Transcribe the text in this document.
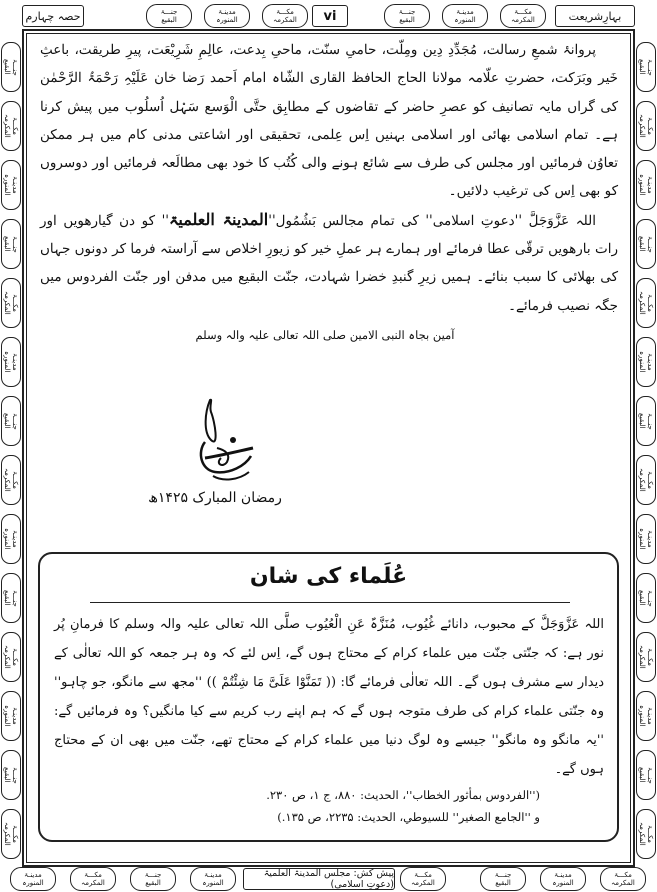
بہارِشریعت
حصہ چہارم	vi
مکـــۃ
المکرمہ
مدینـۃ
المنورہ
جنـــۃ
البقیع
مکـــۃ
المکرمہ
مدینـۃ
المنورہ
جنـــۃ
البقیع
جنـــۃ
البقیع
مکـــۃ
المکرمہ
مدینـۃ
المنورہ
جنـــۃ
البقیع
مکـــۃ
المکرمہ
مدینـۃ
المنورہ
جنـــۃ
البقیع
مکـــۃ
المکرمہ
مدینـۃ
المنورہ
جنـــۃ
البقیع
مکـــۃ
المکرمہ
مدینـۃ
المنورہ
جنـــۃ
البقیع
مکـــۃ
المکرمہ
جنـــۃ
البقیع
مکـــۃ
المکرمہ
مدینـۃ
المنورہ
جنـــۃ
البقیع
مکـــۃ
المکرمہ
مدینـۃ
المنورہ
جنـــۃ
البقیع
مکـــۃ
المکرمہ
مدینـۃ
المنورہ
جنـــۃ
البقیع
مکـــۃ
المکرمہ
مدینـۃ
المنورہ
جنـــۃ
البقیع
مکـــۃ
المکرمہ

پروانۂ شمعِ رسالت، مُجَدِّدِ دِین ومِلّت، حامیِ سنّت، ماحیِ بِدعت، عالِمِ شَرِیْعَت، پیرِ طریقت، باعثِ خَیر وبَرَکت، حضرتِ علّامہ مولانا الحاج الحافظ القاری الشّاہ امام اَحمد رَضا خان عَلَیْہِ رَحْمَۃُ الرَّحْمٰن کی گراں مایہ تصانیف کو عصرِ حاضر کے تقاضوں کے مطابِق حتَّی الْوَسع سَہْل اُسلُوب میں پیش کرنا ہے۔ تمام اسلامی بھائی اور اسلامی بہنیں اِس عِلمی، تحقیقی اور اشاعتی مدنی کام میں ہر ممکن تعاوُن فرمائیں اور مجلس کی طرف سے شائع ہونے والی کُتُب کا خود بھی مطالَعہ فرمائیں اور دوسروں کو بھی اِس کی ترغیب دلائیں۔

اللہ عَزَّوَجَلَّ ''دعوتِ اسلامی'' کی تمام مجالس بَشُمُول''المدینۃ العلمیۃ'' کو دن گیارھویں اور رات بارھویں ترقّی عطا فرمائے اور ہمارے ہر عملِ خیر کو زیورِ اخلاص سے آراستہ فرما کر دونوں جہاں کی بھلائی کا سبب بنائے۔ ہمیں زیرِ گنبدِ خضرا شہادت، جنّت البقیع میں مدفن اور جنّت الفردوس میں جگہ نصیب فرمائے۔

آمین بجاہ النبی الامین صلی اللہ تعالی علیہ والہ وسلم
رمضان المبارک ۱۴۲۵ھ
عُلَماء کی شان

اللہ عَزَّوَجَلَّ کے محبوب، دانائے غُیُوب، مُنَزَّہٌ عَنِ الْعُیُوب صلَّی اللہ تعالی علیہ والہ وسلم کا فرمانِ پُر نور ہے: کہ جنّتی جنّت میں علماء کرام کے محتاج ہوں گے، اِس لئے کہ وہ ہر جمعہ کو اللہ تعالٰی کے دیدار سے مشرف ہوں گے۔ اللہ تعالٰی فرمائے گا: (( تَمَنَّوْا عَلَیَّ مَا شِئْتُمْ )) ''مجھ سے مانگو، جو چاہو'' وہ جنّتی علماء کرام کی طرف متوجہ ہوں گے کہ ہم اپنے رب کریم سے کیا مانگیں؟ وہ فرمائیں گے: ''یہ مانگو وہ مانگو'' جیسے وہ لوگ دنیا میں علماء کرام کے محتاج تھے، جنّت میں بھی ان کے محتاج ہوں گے۔

(''الفردوس بمأثور الخطاب''، الحدیث: ۸۸۰، ج ۱، ص ۲۳۰.
و ''الجامع الصغیر'' للسیوطي، الحدیث: ۲۲۳۵، ص ۱۳۵.)
پیش کش: مجلس المدینۃ العلمیۃ (دعوتِ اسلامی)
مکـــۃ
المکرمہ
مدینـۃ
المنورہ
جنـــۃ
البقیع
مکـــۃ
المکرمہ
مدینـۃ
المنورہ
جنـــۃ
البقیع
مکـــۃ
المکرمہ
مدینـۃ
المنورہ
